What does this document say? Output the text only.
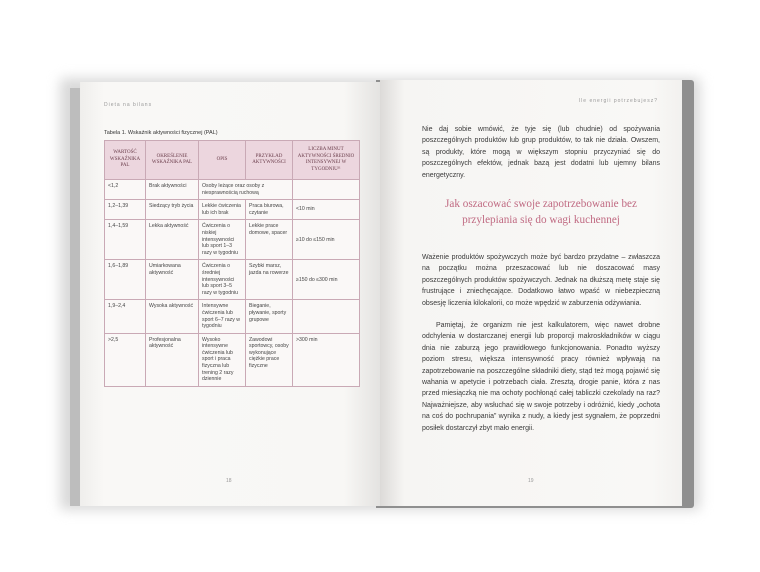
Dieta na bilans
Tabela 1. Wskaźnik aktywności fizycznej (PAL)
WARTOŚĆ WSKAŹNIKA PAL	OKREŚLENIE WSKAŹNIKA PAL	OPIS	PRZYKŁAD AKTYWNOŚCI	LICZBA MINUT AKTYWNOŚCI ŚREDNIO INTENSYWNEJ W TYGODNIU¹¹
<1,2	Brak aktywności	Osoby leżące oraz osoby z niesprawnością ruchową		
1,2–1,39	Siedzący tryb życia	Lekkie ćwiczenia lub ich brak	Praca biurowa, czytanie	<10 min
1,4–1,59	Lekka aktywność	Ćwiczenia o niskiej intensywności lub sport 1–3 razy w tygodniu	Lekkie prace domowe, spacer	≥10 do ≤150 min
1,6–1,89	Umiarkowana aktywność	Ćwiczenia o średniej intensywności lub sport 3–5 razy w tygodniu	Szybki marsz, jazda na rowerze	≥150 do ≤300 min
1,9–2,4	Wysoka aktywność	Intensywne ćwiczenia lub sport 6–7 razy w tygodniu	Bieganie, pływanie, sporty grupowe	
>2,5	Profesjonalna aktywność	Wysoko intensywne ćwiczenia lub sport i praca fizyczna lub trening 2 razy dziennie	Zawodowi sportowcy, osoby wykonujące ciężkie prace fizyczne	>300 min
18
Ile energii potrzebujesz?

Nie daj sobie wmówić, że tyje się (lub chudnie) od spożywania poszczególnych produktów lub grup produktów, to tak nie działa. Owszem, są produkty, które mogą w większym stopniu przyczyniać się do poszczególnych efektów, jednak bazą jest dodatni lub ujemny bilans energetyczny.

Jak oszacować swoje zapotrzebowanie bez przylepiania się do wagi kuchennej

Ważenie produktów spożywczych może być bardzo przydatne – zwłaszcza na początku można przeszacować lub nie doszacować masy poszczególnych produktów spożywczych. Jednak na dłuższą metę staje się frustrujące i zniechęcające. Dodatkowo łatwo wpaść w niebezpieczną obsesję liczenia kilokalorii, co może wpędzić w zaburzenia odżywiania.

Pamiętaj, że organizm nie jest kalkulatorem, więc nawet drobne odchylenia w dostarczanej energii lub proporcji makroskładników w ciągu dnia nie zaburzą jego prawidłowego funkcjonowania. Ponadto wyższy poziom stresu, większa intensywność pracy również wpływają na zapotrzebowanie na poszczególne składniki diety, stąd też mogą pojawić się wahania w apetycie i potrzebach ciała. Zresztą, drogie panie, która z nas przed miesiączką nie ma ochoty pochłonąć całej tabliczki czekolady na raz? Najważniejsze, aby wsłuchać się w swoje potrzeby i odróżnić, kiedy „ochota na coś do pochrupania” wynika z nudy, a kiedy jest sygnałem, że poprzedni posiłek dostarczył zbyt mało energii.

19
